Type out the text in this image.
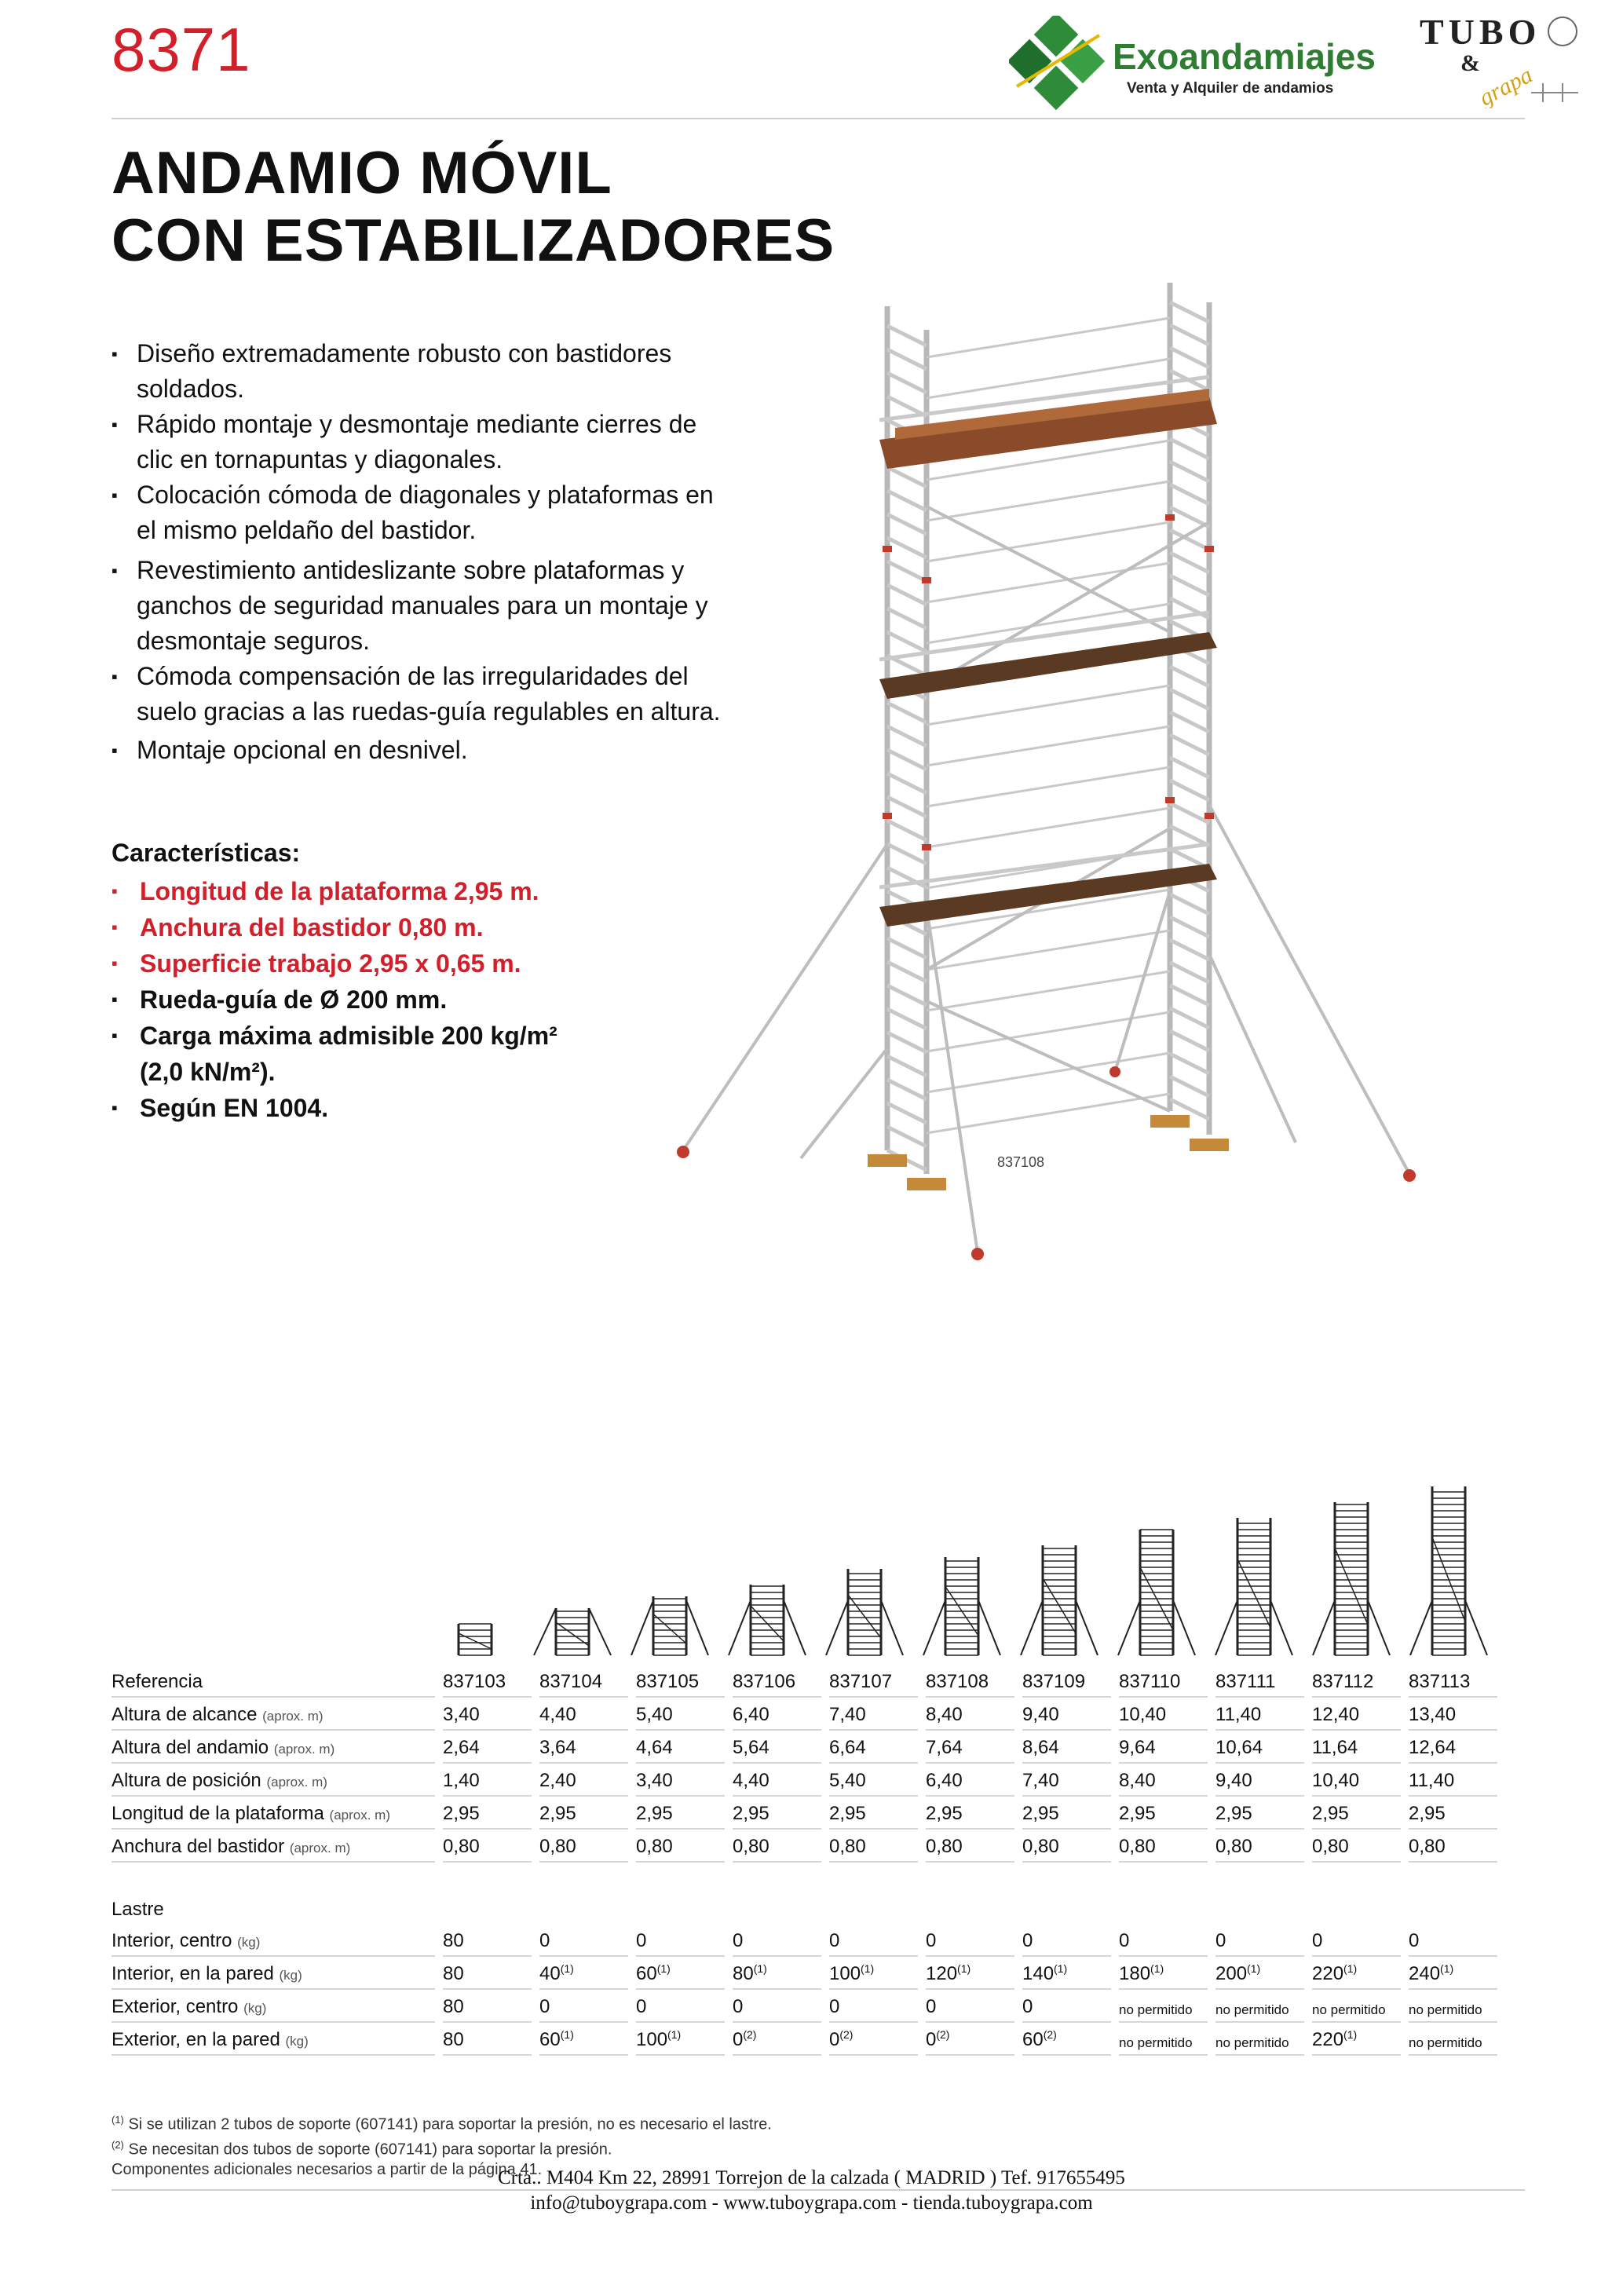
8371	Exoandamiajes
Venta y Alquiler de andamios
TUBO
&
grapa
ANDAMIO MÓVIL
CON ESTABILIZADORES
▪ Diseño extremadamente robusto con bastidores soldados.
▪ Rápido montaje y desmontaje mediante cierres de clic en tornapuntas y diagonales.
▪ Colocación cómoda de diagonales y plataformas en el mismo peldaño del bastidor.
▪ Revestimiento antideslizante sobre plataformas y ganchos de seguridad manuales para un montaje y desmontaje seguros.
▪ Cómoda compensación de las irregularidades del suelo gracias a las ruedas-guía regulables en altura.
▪ Montaje opcional en desnivel.
Características:
▪ Longitud de la plataforma 2,95 m.
▪ Anchura del bastidor 0,80 m.
▪ Superficie trabajo 2,95 x 0,65 m.
▪ Rueda-guía de Ø 200 mm.
▪ Carga máxima admisible 200 kg/m² (2,0 kN/m²).
▪ Según EN 1004.
837108
Referencia	837103	837104	837105	837106	837107	837108	837109	837110	837111	837112	837113
Altura de alcance (aprox. m)	3,40	4,40	5,40	6,40	7,40	8,40	9,40	10,40	11,40	12,40	13,40
Altura del andamio (aprox. m)	2,64	3,64	4,64	5,64	6,64	7,64	8,64	9,64	10,64	11,64	12,64
Altura de posición (aprox. m)	1,40	2,40	3,40	4,40	5,40	6,40	7,40	8,40	9,40	10,40	11,40
Longitud de la plataforma (aprox. m)	2,95	2,95	2,95	2,95	2,95	2,95	2,95	2,95	2,95	2,95	2,95
Anchura del bastidor (aprox. m)	0,80	0,80	0,80	0,80	0,80	0,80	0,80	0,80	0,80	0,80	0,80

Lastre											
Interior, centro (kg)	80	0	0	0	0	0	0	0	0	0	0
Interior, en la pared (kg)	80	40$^{(1)}$	60$^{(1)}$	80$^{(1)}$	100$^{(1)}$	120$^{(1)}$	140$^{(1)}$	180$^{(1)}$	200$^{(1)}$	220$^{(1)}$	240$^{(1)}$
Exterior, centro (kg)	80	0	0	0	0	0	0	no permitido	no permitido	no permitido	no permitido
Exterior, en la pared (kg)	80	60$^{(1)}$	100$^{(1)}$	0$^{(2)}$	0$^{(2)}$	0$^{(2)}$	60$^{(2)}$	no permitido	no permitido	220$^{(1)}$	no permitido
$^{(1)}$ Si se utilizan 2 tubos de soporte (607141) para soportar la presión, no es necesario el lastre.
$^{(2)}$ Se necesitan dos tubos de soporte (607141) para soportar la presión.
Componentes adicionales necesarios a partir de la página 41.
Crta.. M404 Km 22, 28991 Torrejon de la calzada ( MADRID ) Tef. 917655495
info@tuboygrapa.com - www.tuboygrapa.com - tienda.tuboygrapa.com
